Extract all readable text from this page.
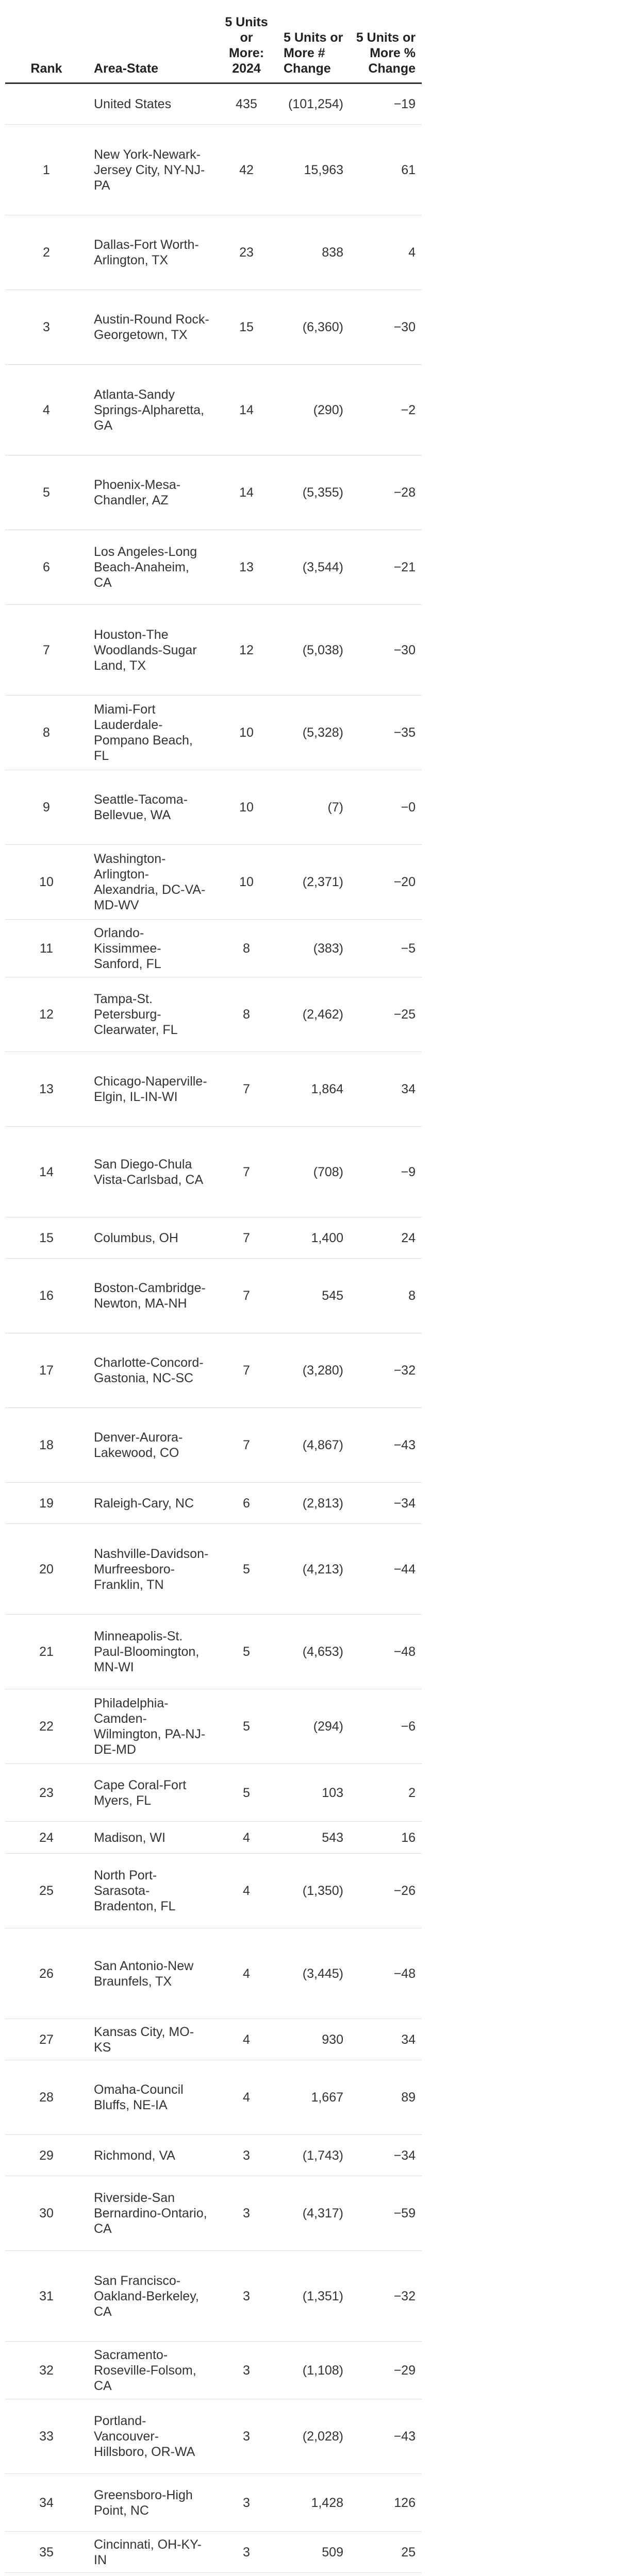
Rank	Area-State	5 Units or More: 2024	5 Units or More # Change	5 Units or More % Change
	United States	435	(101,254)	−19
1	New York-Newark-Jersey City, NY-NJ-PA	42	15,963	61
2	Dallas-Fort Worth-Arlington, TX	23	838	4
3	Austin-Round Rock-Georgetown, TX	15	(6,360)	−30
4	Atlanta-Sandy Springs-Alpharetta, GA	14	(290)	−2
5	Phoenix-Mesa-Chandler, AZ	14	(5,355)	−28
6	Los Angeles-Long Beach-Anaheim, CA	13	(3,544)	−21
7	Houston-The Woodlands-Sugar Land, TX	12	(5,038)	−30
8	Miami-Fort Lauderdale-Pompano Beach, FL	10	(5,328)	−35
9	Seattle-Tacoma-Bellevue, WA	10	(7)	−0
10	Washington-Arlington-Alexandria, DC-VA-MD-WV	10	(2,371)	−20
11	Orlando-Kissimmee-Sanford, FL	8	(383)	−5
12	Tampa-St. Petersburg-Clearwater, FL	8	(2,462)	−25
13	Chicago-Naperville-Elgin, IL-IN-WI	7	1,864	34
14	San Diego-Chula Vista-Carlsbad, CA	7	(708)	−9
15	Columbus, OH	7	1,400	24
16	Boston-Cambridge-Newton, MA-NH	7	545	8
17	Charlotte-Concord-Gastonia, NC-SC	7	(3,280)	−32
18	Denver-Aurora-Lakewood, CO	7	(4,867)	−43
19	Raleigh-Cary, NC	6	(2,813)	−34
20	Nashville-Davidson-Murfreesboro-Franklin, TN	5	(4,213)	−44
21	Minneapolis-St. Paul-Bloomington, MN-WI	5	(4,653)	−48
22	Philadelphia-Camden-Wilmington, PA-NJ-DE-MD	5	(294)	−6
23	Cape Coral-Fort Myers, FL	5	103	2
24	Madison, WI	4	543	16
25	North Port-Sarasota-Bradenton, FL	4	(1,350)	−26
26	San Antonio-New Braunfels, TX	4	(3,445)	−48
27	Kansas City, MO-KS	4	930	34
28	Omaha-Council Bluffs, NE-IA	4	1,667	89
29	Richmond, VA	3	(1,743)	−34
30	Riverside-San Bernardino-Ontario, CA	3	(4,317)	−59
31	San Francisco-Oakland-Berkeley, CA	3	(1,351)	−32
32	Sacramento-Roseville-Folsom, CA	3	(1,108)	−29
33	Portland-Vancouver-Hillsboro, OR-WA	3	(2,028)	−43
34	Greensboro-High Point, NC	3	1,428	126
35	Cincinnati, OH-KY-IN	3	509	25
